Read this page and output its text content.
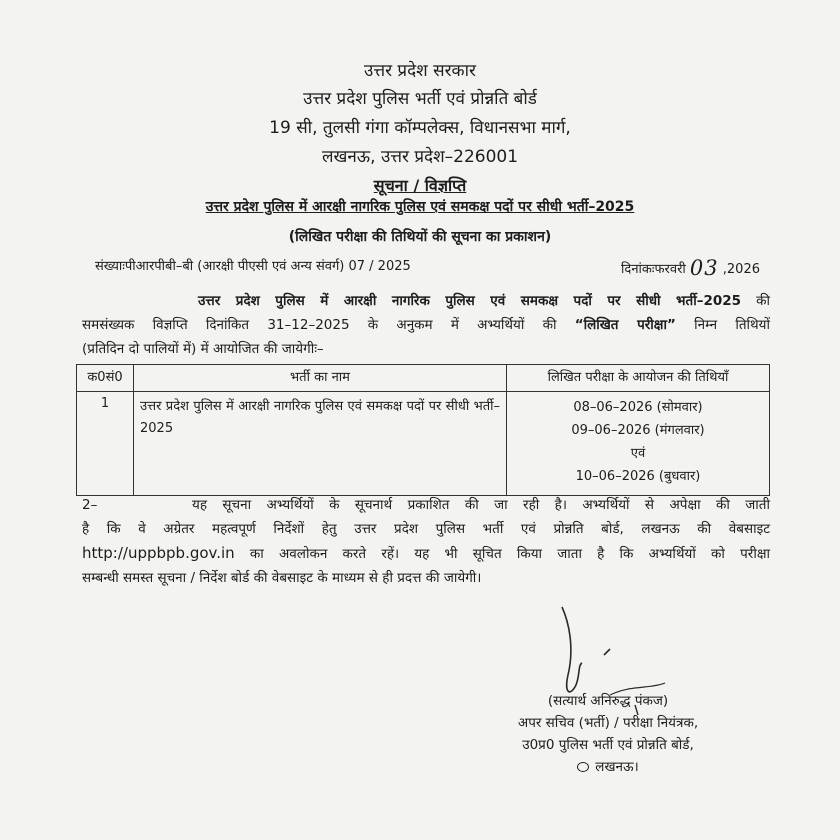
उत्तर प्रदेश सरकार
उत्तर प्रदेश पुलिस भर्ती एवं प्रोन्नति बोर्ड
19 सी, तुलसी गंगा कॉम्पलेक्स, विधानसभा मार्ग,
लखनऊ, उत्तर प्रदेश–226001
सूचना / विज्ञप्ति
उत्तर प्रदेश पुलिस में आरक्षी नागरिक पुलिस एवं समकक्ष पदों पर सीधी भर्ती–2025
(लिखित परीक्षा की तिथियों की सूचना का प्रकाशन)
संख्याःपीआरपीबी–बी (आरक्षी पीएसी एवं अन्य संवर्ग) 07 / 2025	दिनांकःफरवरी 03 ,2026
उत्तर प्रदेश पुलिस में आरक्षी नागरिक पुलिस एवं समकक्ष पदों पर सीधी भर्ती–2025 की
समसंख्यक विज्ञप्ति दिनांकित 31–12–2025 के अनुकम में अभ्यर्थियों की “लिखित परीक्षा” निम्न तिथियों
(प्रतिदिन दो पालियों में) में आयोजित की जायेगीः–
क0सं0	भर्ती का नाम	लिखित परीक्षा के आयोजन की तिथियाँ
1	उत्तर प्रदेश पुलिस में आरक्षी नागरिक पुलिस एवं समकक्ष पदों पर सीधी भर्ती–2025	08–06–2026 (सोमवार)
09–06–2026 (मंगलवार)
एवं
10–06–2026 (बुधवार)
2–	यह सूचना अभ्यर्थियों के सूचनार्थ प्रकाशित की जा रही है। अभ्यर्थियों से अपेक्षा की जाती
है कि वे अग्रेतर महत्वपूर्ण निर्देशों हेतु उत्तर प्रदेश पुलिस भर्ती एवं प्रोन्नति बोर्ड, लखनऊ की वेबसाइट
http://uppbpb.gov.in का अवलोकन करते रहें। यह भी सूचित किया जाता है कि अभ्यर्थियों को परीक्षा
सम्बन्धी समस्त सूचना / निर्देश बोर्ड की वेबसाइट के माध्यम से ही प्रदत्त की जायेगी।
(सत्यार्थ अनिरुद्ध पंकज)
अपर सचिव (भर्ती) / परीक्षा नियंत्रक,
उ0प्र0 पुलिस भर्ती एवं प्रोन्नति बोर्ड,
लखनऊ।
